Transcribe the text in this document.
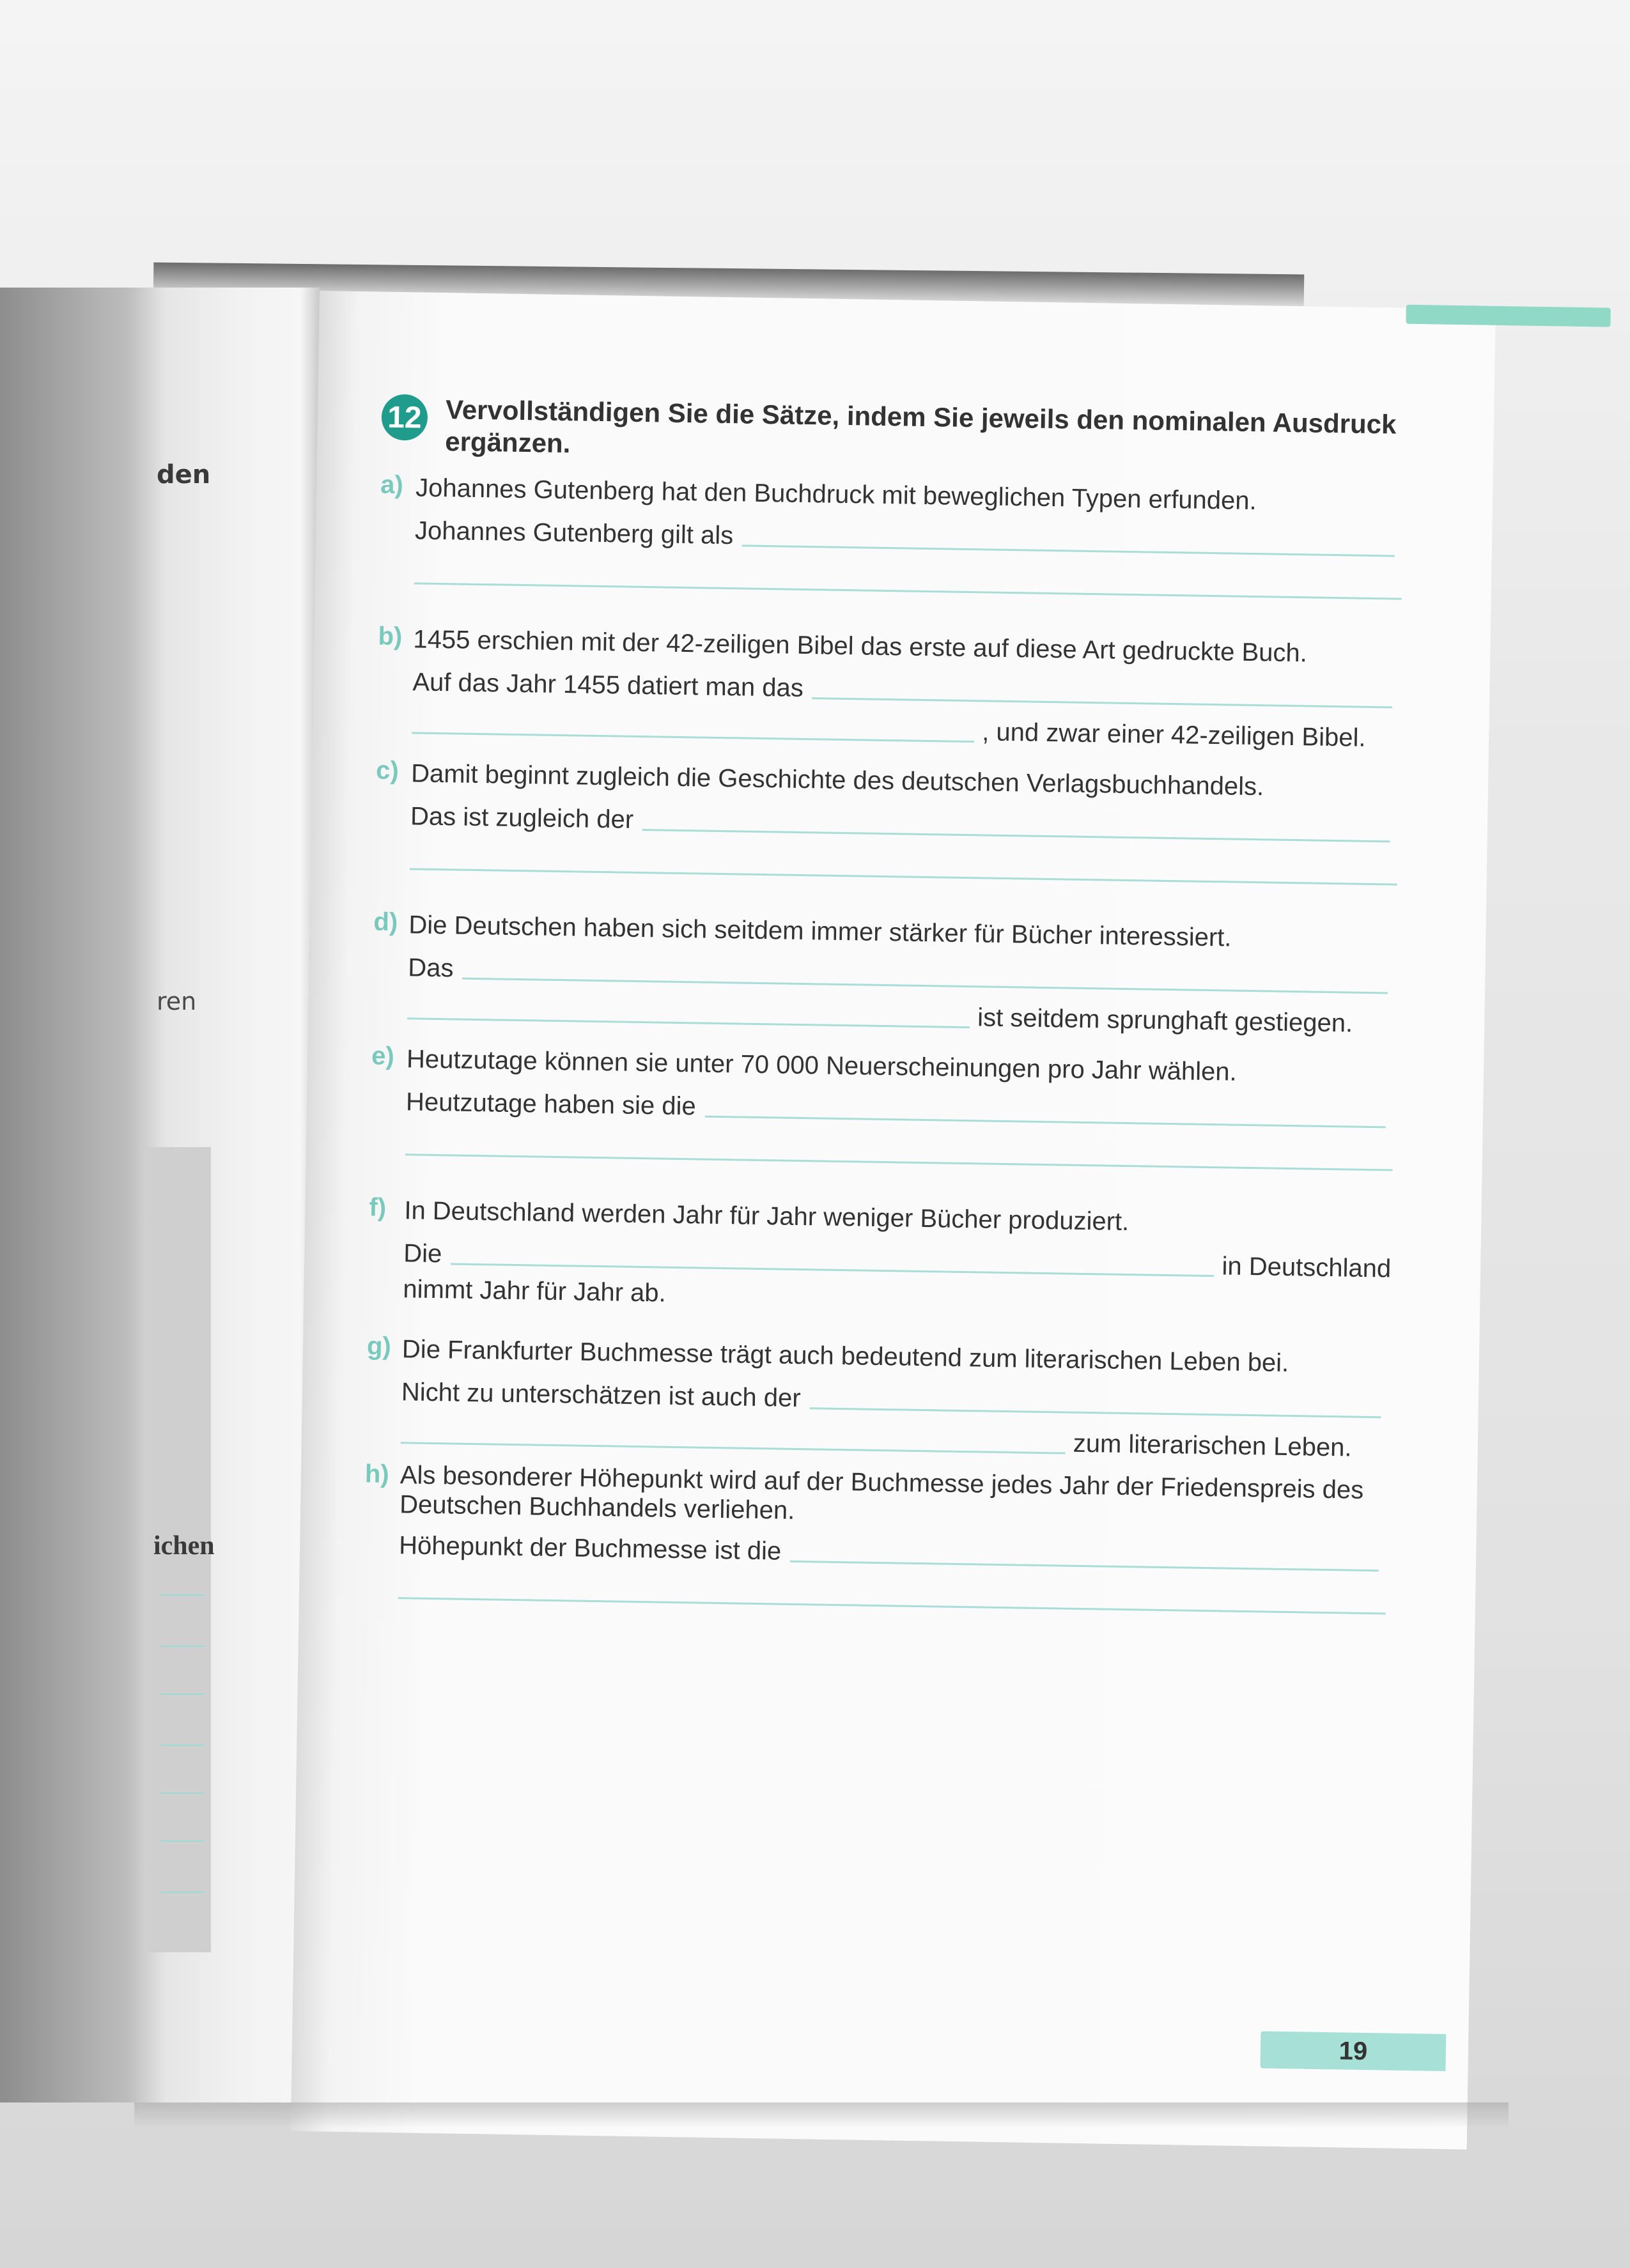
den
ren
ichen
12 Vervollständigen Sie die Sätze, indem Sie jeweils den nominalen Ausdruck ergänzen.
a) Johannes Gutenberg hat den Buchdruck mit beweglichen Typen erfunden.
Johannes Gutenberg gilt als
b) 1455 erschien mit der 42-zeiligen Bibel das erste auf diese Art gedruckte Buch.
Auf das Jahr 1455 datiert man das
, und zwar einer 42-zeiligen Bibel.
c) Damit beginnt zugleich die Geschichte des deutschen Verlagsbuchhandels.
Das ist zugleich der
d) Die Deutschen haben sich seitdem immer stärker für Bücher interessiert.
Das
ist seitdem sprunghaft gestiegen.
e) Heutzutage können sie unter 70 000 Neuerscheinungen pro Jahr wählen.
Heutzutage haben sie die
f) In Deutschland werden Jahr für Jahr weniger Bücher produziert.
Die	in Deutschland
nimmt Jahr für Jahr ab.
g) Die Frankfurter Buchmesse trägt auch bedeutend zum literarischen Leben bei.
Nicht zu unterschätzen ist auch der
zum literarischen Leben.
h) Als besonderer Höhepunkt wird auf der Buchmesse jedes Jahr der Friedenspreis des Deutschen Buchhandels verliehen.
Höhepunkt der Buchmesse ist die
19
